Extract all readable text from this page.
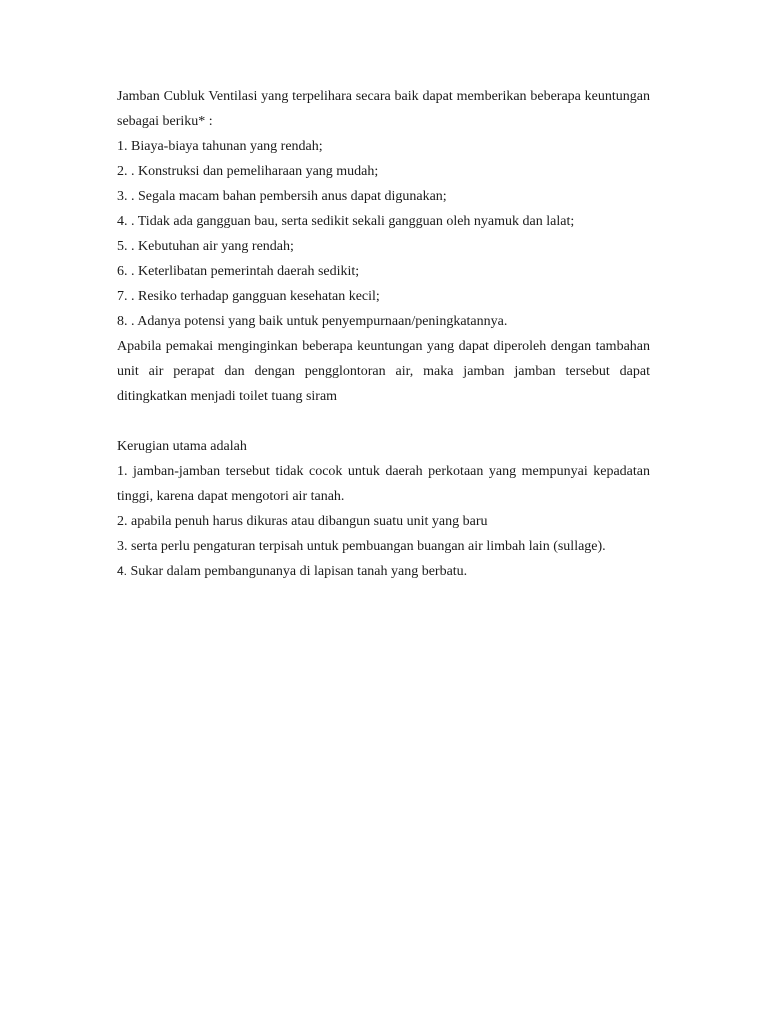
Jamban Cubluk Ventilasi yang terpelihara secara baik dapat memberikan beberapa keuntungan sebagai beriku* :

1. Biaya-biaya tahunan yang rendah;

2. . Konstruksi dan pemeliharaan yang mudah;

3. . Segala macam bahan pembersih anus dapat digunakan;

4. . Tidak ada gangguan bau, serta sedikit sekali gangguan oleh nyamuk dan lalat;

5. . Kebutuhan air yang rendah;

6. . Keterlibatan pemerintah daerah sedikit;

7. . Resiko terhadap gangguan kesehatan kecil;

8. . Adanya potensi yang baik untuk penyempurnaan/peningkatannya.

Apabila pemakai menginginkan beberapa keuntungan yang dapat diperoleh dengan tambahan unit air perapat dan dengan pengglontoran air, maka jamban jamban tersebut dapat ditingkatkan menjadi toilet tuang siram

Kerugian utama adalah

1. jamban-jamban tersebut tidak cocok untuk daerah perkotaan yang mempunyai kepadatan tinggi, karena dapat mengotori air tanah.

2. apabila penuh harus dikuras atau dibangun suatu unit yang baru

3. serta perlu pengaturan terpisah untuk pembuangan buangan air limbah lain (sullage).

4. Sukar dalam pembangunanya di lapisan tanah yang berbatu.
